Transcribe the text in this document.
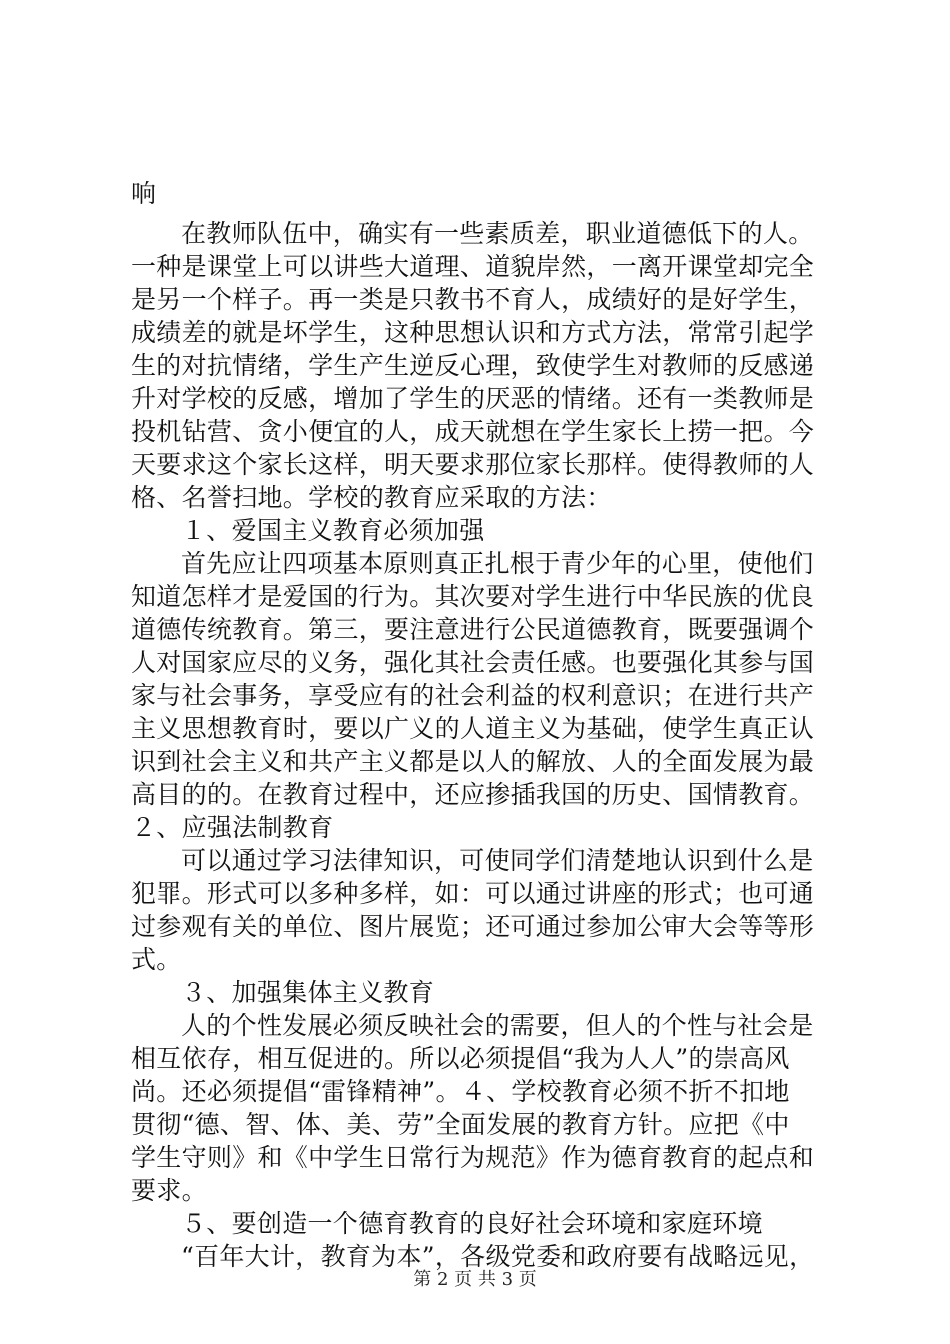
响
在教师队伍中，确实有一些素质差，职业道德低下的人。
一种是课堂上可以讲些大道理、道貌岸然，一离开课堂却完全
是另一个样子。再一类是只教书不育人，成绩好的是好学生，
成绩差的就是坏学生，这种思想认识和方式方法，常常引起学
生的对抗情绪，学生产生逆反心理，致使学生对教师的反感递
升对学校的反感，增加了学生的厌恶的情绪。还有一类教师是
投机钻营、贪小便宜的人，成天就想在学生家长上捞一把。今
天要求这个家长这样，明天要求那位家长那样。使得教师的人
格、名誉扫地。学校的教育应采取的方法：
１、爱国主义教育必须加强
首先应让四项基本原则真正扎根于青少年的心里，使他们
知道怎样才是爱国的行为。其次要对学生进行中华民族的优良
道德传统教育。第三，要注意进行公民道德教育，既要强调个
人对国家应尽的义务，强化其社会责任感。也要强化其参与国
家与社会事务，享受应有的社会利益的权利意识；在进行共产
主义思想教育时，要以广义的人道主义为基础，使学生真正认
识到社会主义和共产主义都是以人的解放、人的全面发展为最
高目的的。在教育过程中，还应掺插我国的历史、国情教育。
２、应强法制教育
可以通过学习法律知识，可使同学们清楚地认识到什么是
犯罪。形式可以多种多样，如：可以通过讲座的形式；也可通
过参观有关的单位、图片展览；还可通过参加公审大会等等形
式。
３、加强集体主义教育
人的个性发展必须反映社会的需要，但人的个性与社会是
相互依存，相互促进的。所以必须提倡“我为人人”的崇高风
尚。还必须提倡“雷锋精神”。４、学校教育必须不折不扣地
贯彻“德、智、体、美、劳”全面发展的教育方针。应把《中
学生守则》和《中学生日常行为规范》作为德育教育的起点和
要求。
５、要创造一个德育教育的良好社会环境和家庭环境
“百年大计，教育为本”，各级党委和政府要有战略远见，
第 2 页 共 3 页
